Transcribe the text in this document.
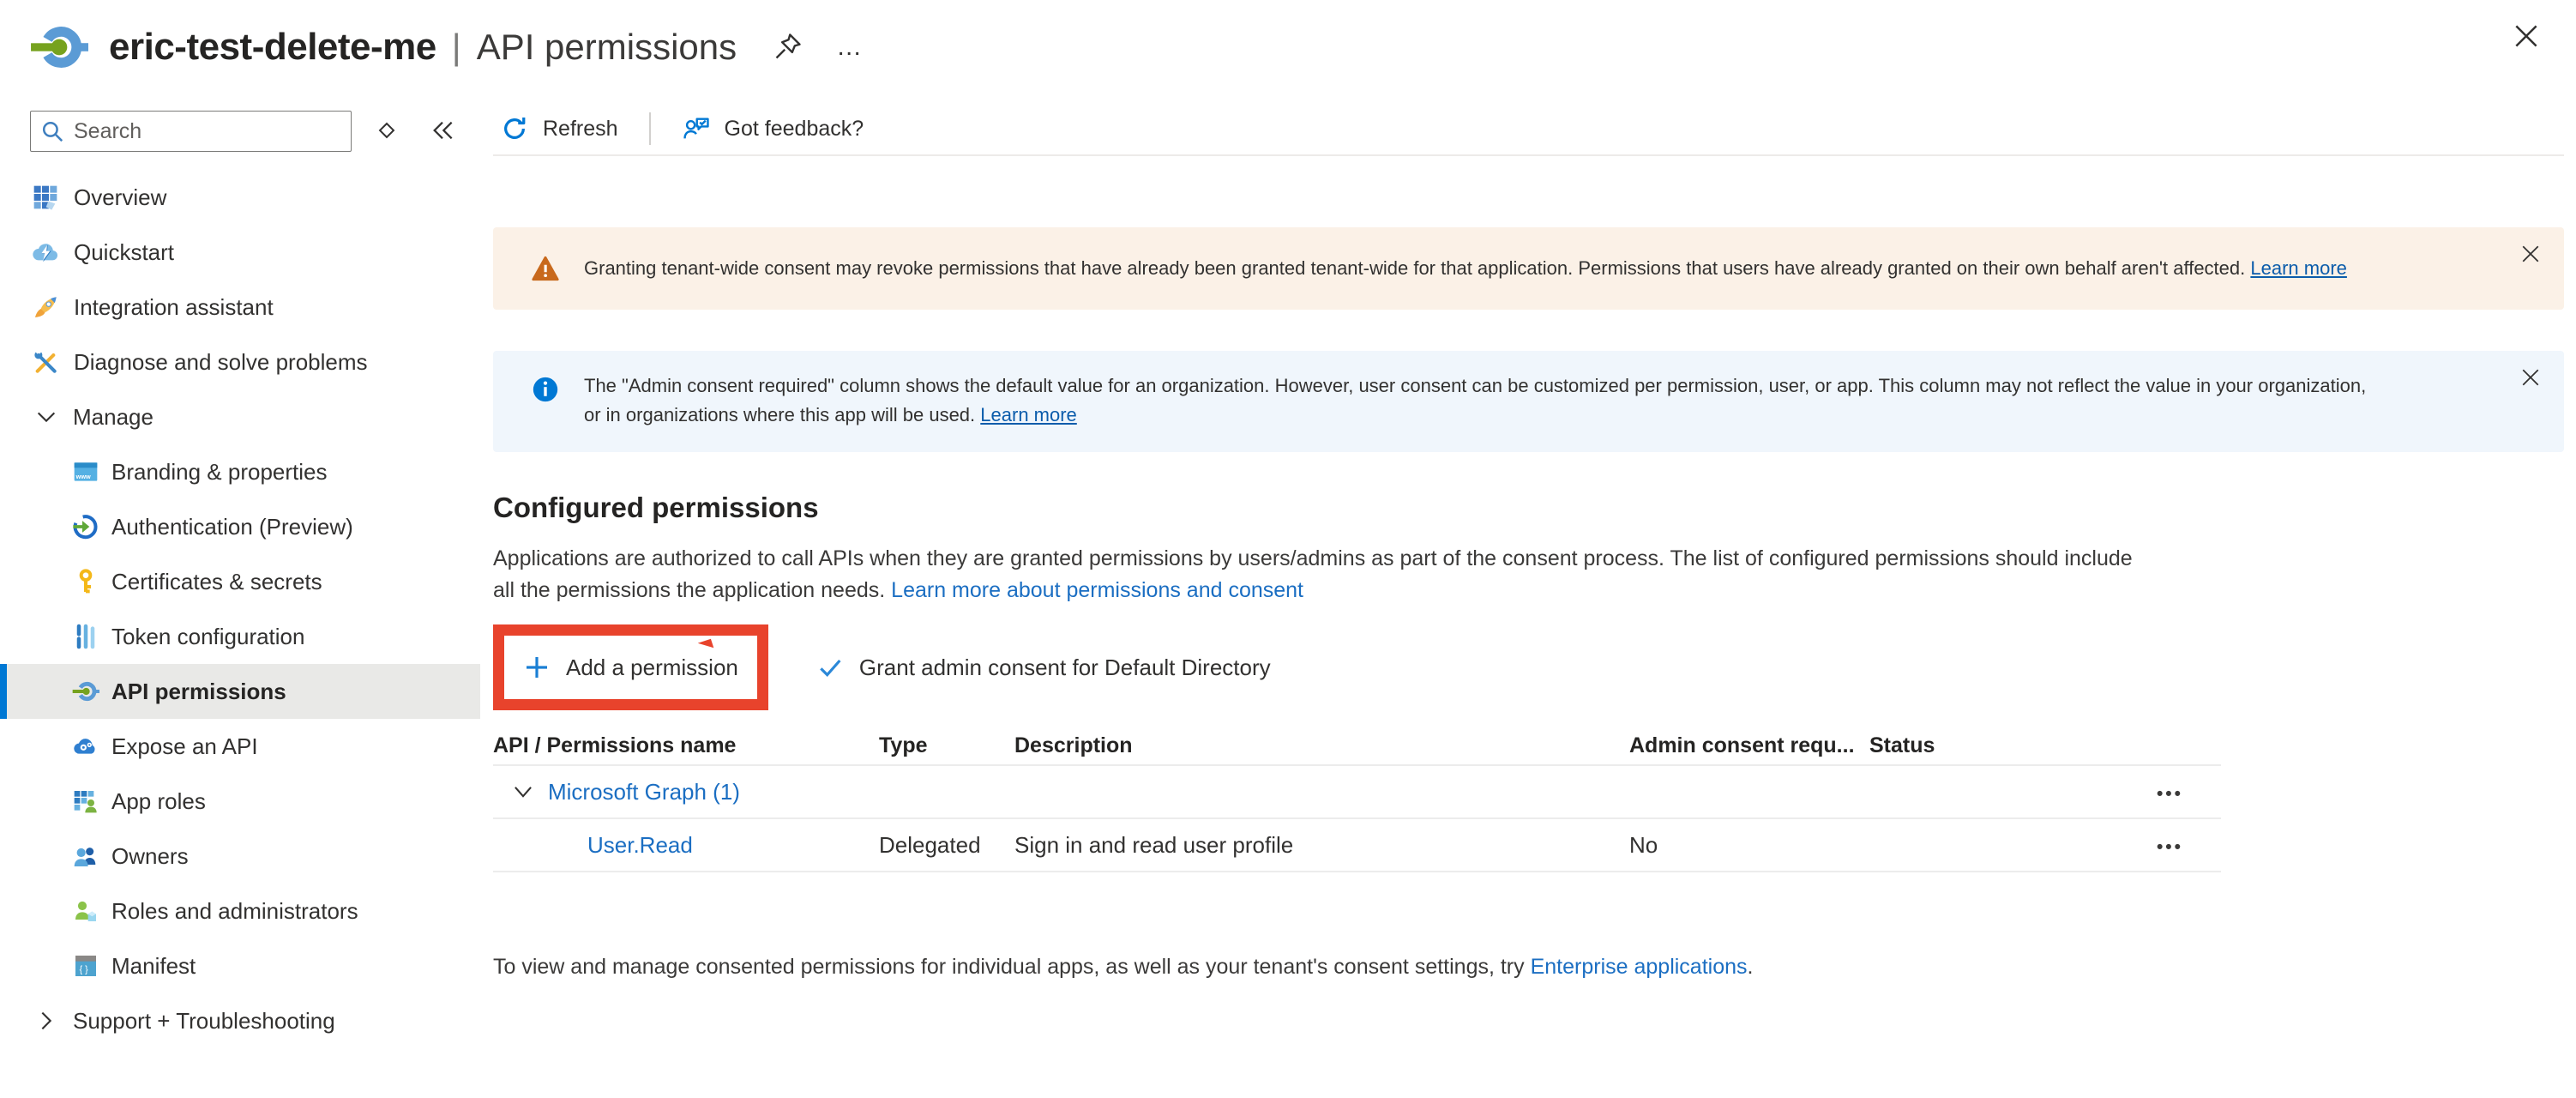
eric-test-delete-me | API permissions	…
Search
Overview
Quickstart
Integration assistant
Diagnose and solve problems
Manage
www Branding & properties
Authentication (Preview)
Certificates & secrets
Token configuration
API permissions
Expose an API
App roles
Owners
Roles and administrators
{ } Manifest
Support + Troubleshooting
Refresh	Got feedback?

Granting tenant-wide consent may revoke permissions that have already been granted tenant-wide for that application. Permissions that users have already granted on their own behalf aren't affected. Learn more

The "Admin consent required" column shows the default value for an organization. However, user consent can be customized per permission, user, or app. This column may not reflect the value in your organization,
or in organizations where this app will be used. Learn more

Configured permissions

Applications are authorized to call APIs when they are granted permissions by users/admins as part of the consent process. The list of configured permissions should include
all the permissions the application needs. Learn more about permissions and consent

Add a permission	Grant admin consent for Default Directory
API / Permissions name	Type	Description	Admin consent requ... Status
Microsoft Graph (1)	•••
User.Read	Delegated	Sign in and read user profile	No	•••

To view and manage consented permissions for individual apps, as well as your tenant's consent settings, try Enterprise applications.
